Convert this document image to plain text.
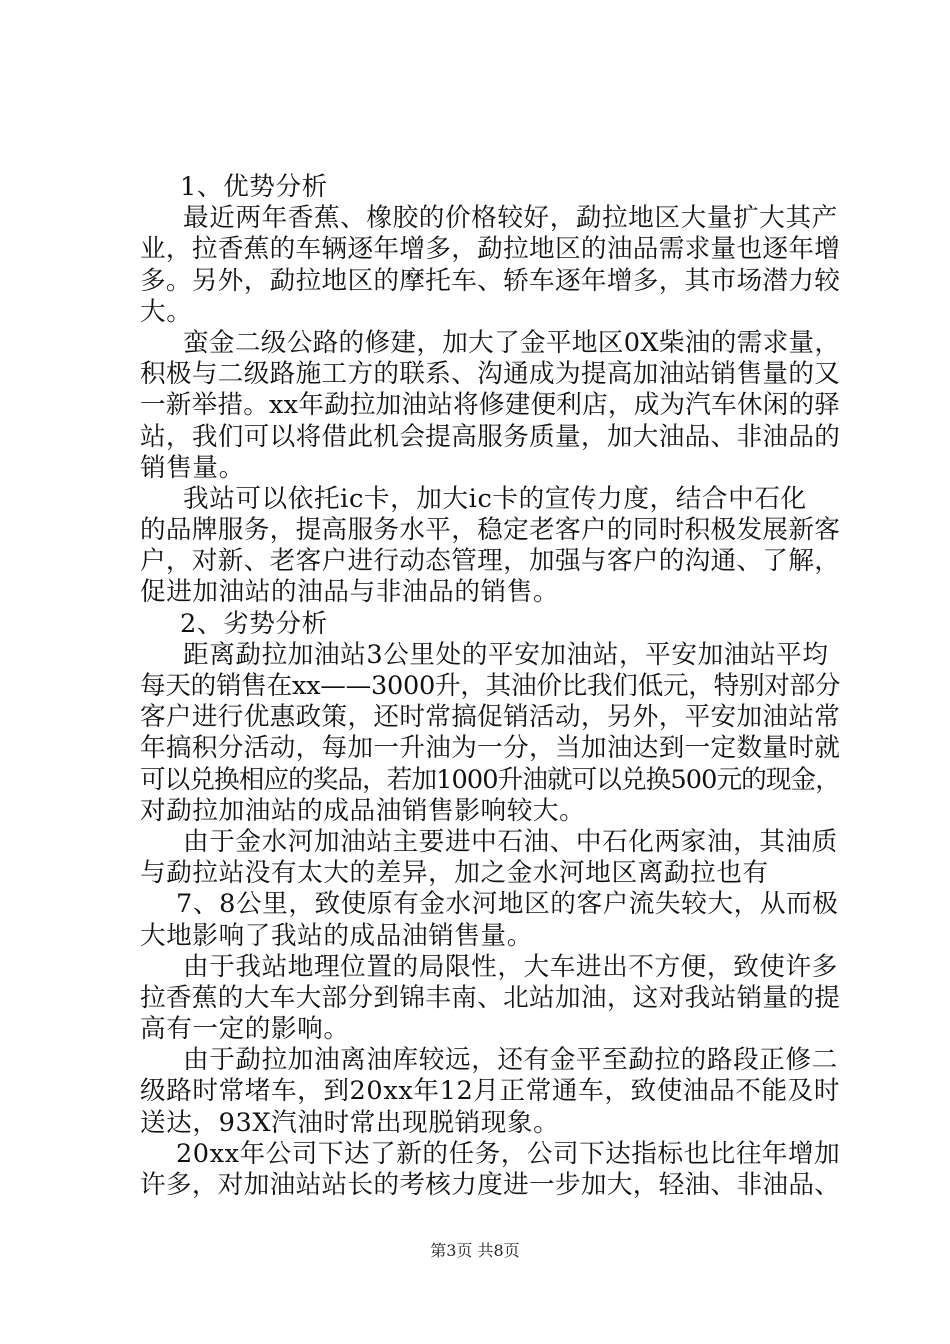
1、优势分析
最近两年香蕉、橡胶的价格较好，勐拉地区大量扩大其产
业，拉香蕉的车辆逐年增多，勐拉地区的油品需求量也逐年增
多。另外，勐拉地区的摩托车、轿车逐年增多，其市场潜力较
大。
蛮金二级公路的修建，加大了金平地区0X柴油的需求量，
积极与二级路施工方的联系、沟通成为提高加油站销售量的又
一新举措。xx年勐拉加油站将修建便利店，成为汽车休闲的驿
站，我们可以将借此机会提高服务质量，加大油品、非油品的
销售量。
我站可以依托ic卡，加大ic卡的宣传力度，结合中石化
的品牌服务，提高服务水平，稳定老客户的同时积极发展新客
户，对新、老客户进行动态管理，加强与客户的沟通、了解，
促进加油站的油品与非油品的销售。
2、劣势分析
距离勐拉加油站3公里处的平安加油站，平安加油站平均
每天的销售在xx——3000升，其油价比我们低元，特别对部分
客户进行优惠政策，还时常搞促销活动，另外，平安加油站常
年搞积分活动，每加一升油为一分，当加油达到一定数量时就
可以兑换相应的奖品，若加1000升油就可以兑换500元的现金，
对勐拉加油站的成品油销售影响较大。
由于金水河加油站主要进中石油、中石化两家油，其油质
与勐拉站没有太大的差异，加之金水河地区离勐拉也有
7、8公里，致使原有金水河地区的客户流失较大，从而极
大地影响了我站的成品油销售量。
由于我站地理位置的局限性，大车进出不方便，致使许多
拉香蕉的大车大部分到锦丰南、北站加油，这对我站销量的提
高有一定的影响。
由于勐拉加油离油库较远，还有金平至勐拉的路段正修二
级路时常堵车，到20xx年12月正常通车，致使油品不能及时
送达，93X汽油时常出现脱销现象。
20xx年公司下达了新的任务，公司下达指标也比往年增加
许多，对加油站站长的考核力度进一步加大，轻油、非油品、
第3页 共8页
